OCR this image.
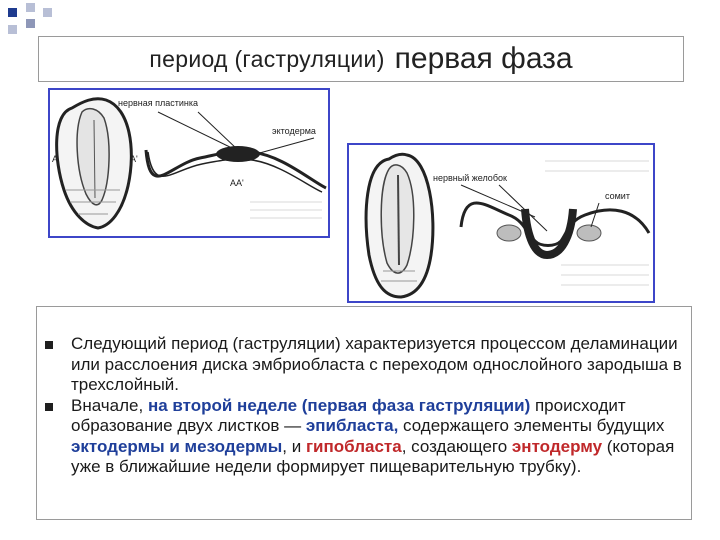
период (гаструляции) первая фаза
А
нервная пластинка
эктодерма
А'
АА'	нервный желобок
сомит
Следующий период (гаструляции) характеризуется процессом деламинации или расслоения диска эмбриобласта с переходом однослойного зародыша в трехслойный.
Вначале, на второй неделе (первая фаза гаструляции) происходит образование двух листков — эпибласта, содержащего элементы будущих эктодермы и мезодермы, и гипобласта, создающего энтодерму (которая уже в ближайшие недели формирует пищеварительную трубку).
